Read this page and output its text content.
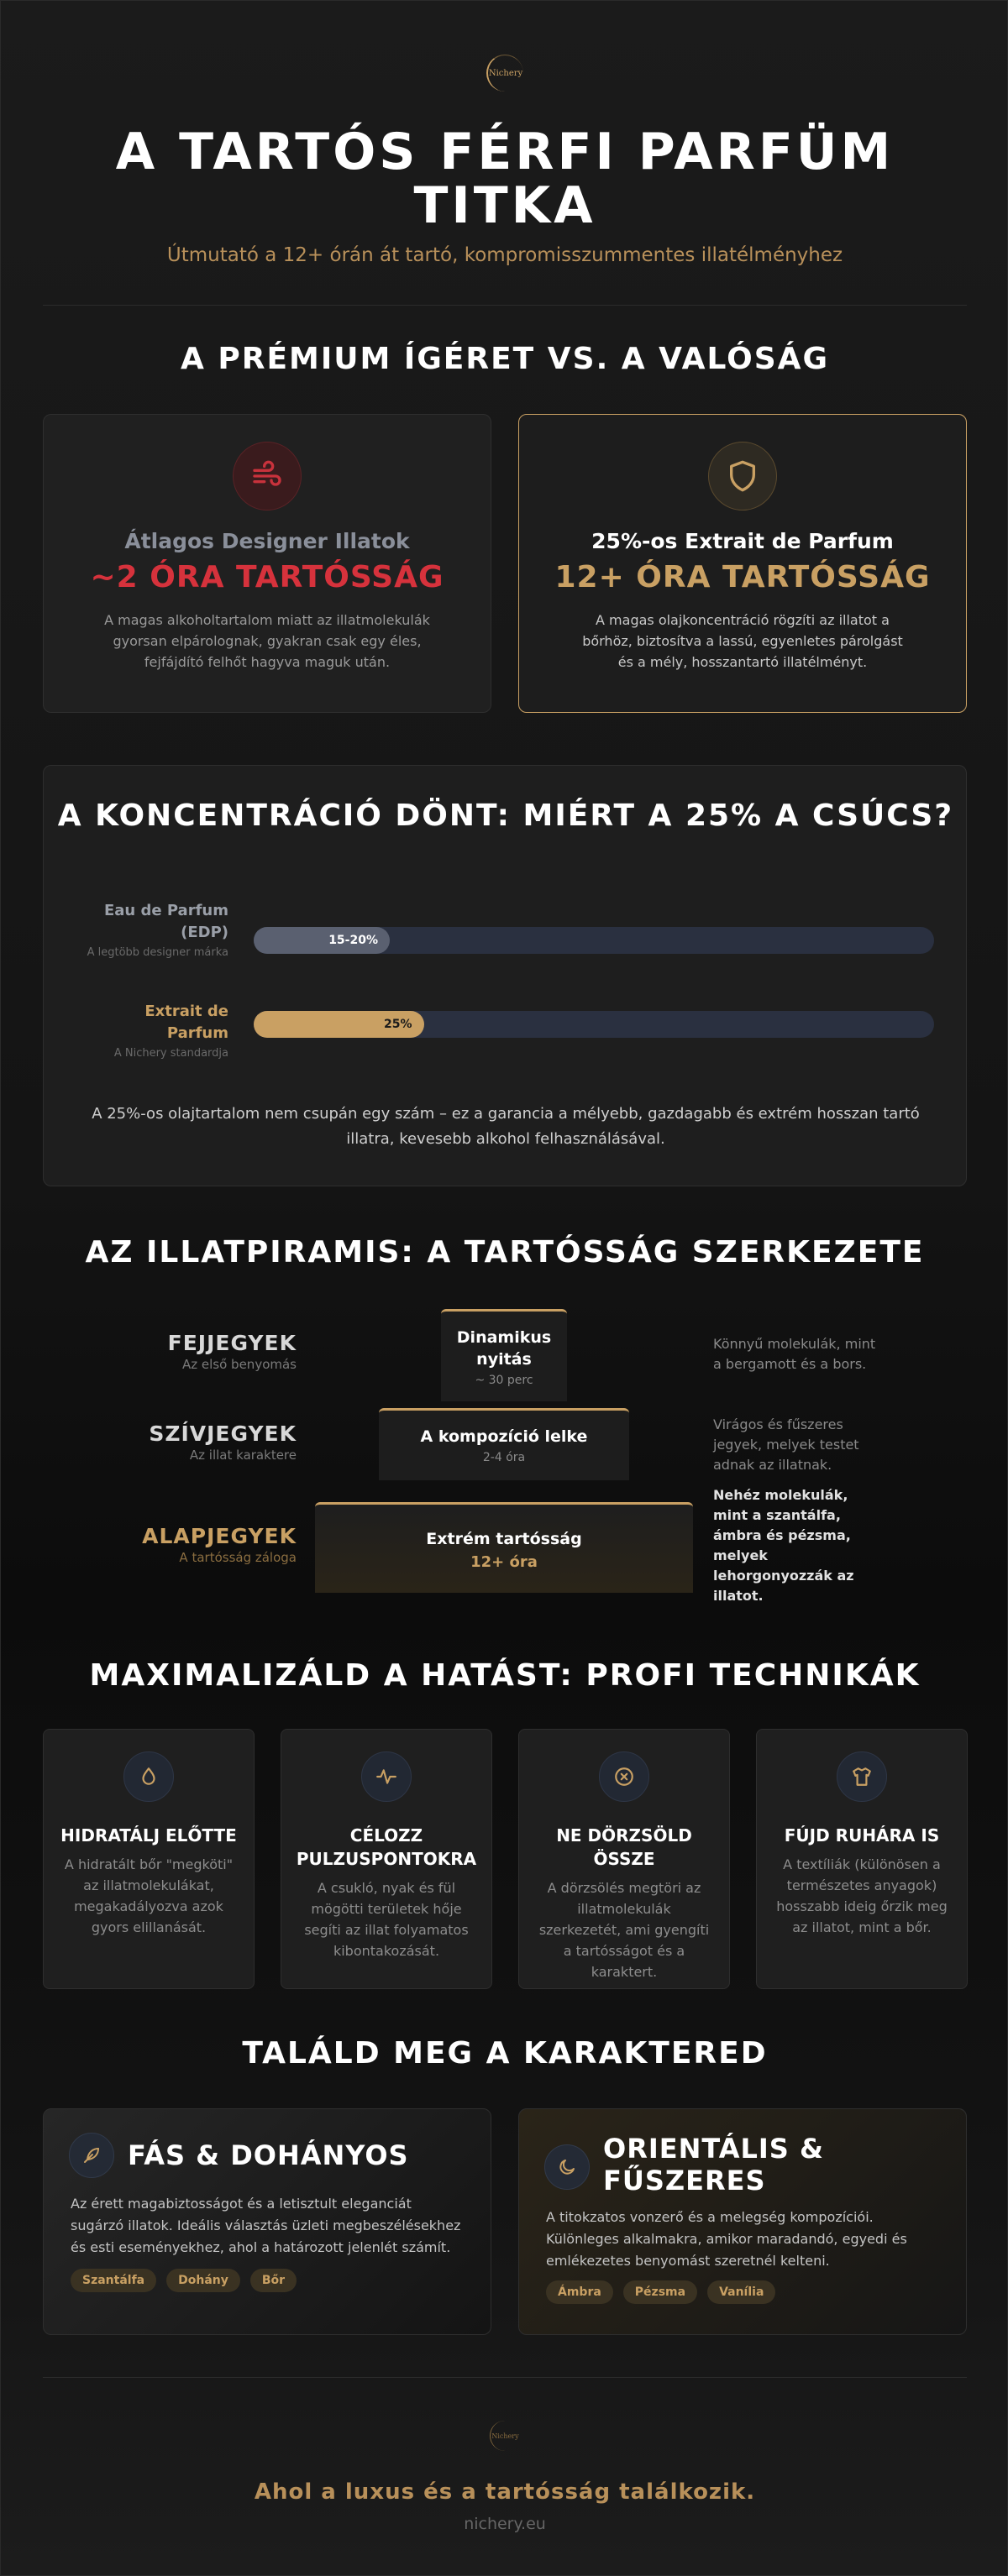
Nichery
A TARTÓS FÉRFI PARFÜM TITKA
Útmutató a 12+ órán át tartó, kompromisszummentes illatélményhez
A PRÉMIUM ÍGÉRET VS. A VALÓSÁG
Átlagos Designer Illatok
~2 ÓRA TARTÓSSÁG
A magas alkoholtartalom miatt az illatmolekulák gyorsan elpárolognak, gyakran csak egy éles, fejfájdító felhőt hagyva maguk után.
25%-os Extrait de Parfum
12+ ÓRA TARTÓSSÁG
A magas olajkoncentráció rögzíti az illatot a bőrhöz, biztosítva a lassú, egyenletes párolgást és a mély, hosszantartó illatélményt.
A KONCENTRÁCIÓ DÖNT: MIÉRT A 25% A CSÚCS?
Eau de Parfum (EDP)
A legtöbb designer márka
15-20%
Extrait de Parfum
A Nichery standardja
25%
A 25%-os olajtartalom nem csupán egy szám – ez a garancia a mélyebb, gazdagabb és extrém hosszan tartó illatra, kevesebb alkohol felhasználásával.
AZ ILLATPIRAMIS: A TARTÓSSÁG SZERKEZETE
FEJJEGYEK
Az első benyomás
Dinamikus nyitás
~ 30 perc
Könnyű molekulák, mint a bergamott és a bors.
SZÍVJEGYEK
Az illat karaktere
A kompozíció lelke
2-4 óra
Virágos és fűszeres jegyek, melyek testet adnak az illatnak.
ALAPJEGYEK
A tartósság záloga
Extrém tartósság
12+ óra
Nehéz molekulák, mint a szantálfa, ámbra és pézsma, melyek lehorgonyozzák az illatot.
MAXIMALIZÁLD A HATÁST: PROFI TECHNIKÁK
HIDRATÁLJ ELŐTTE
A hidratált bőr "megköti" az illatmolekulákat, megakadályozva azok gyors elillanását.
CÉLOZZ PULZUSPONTOKRA
A csukló, nyak és fül mögötti területek hője segíti az illat folyamatos kibontakozását.
NE DÖRZSÖLD ÖSSZE
A dörzsölés megtöri az illatmolekulák szerkezetét, ami gyengíti a tartósságot és a karaktert.
FÚJD RUHÁRA IS
A textíliák (különösen a természetes anyagok) hosszabb ideig őrzik meg az illatot, mint a bőr.
TALÁLD MEG A KARAKTERED
FÁS & DOHÁNYOS
Az érett magabiztosságot és a letisztult eleganciát sugárzó illatok. Ideális választás üzleti megbeszélésekhez és esti eseményekhez, ahol a határozott jelenlét számít.
Szantálfa	Dohány	Bőr
ORIENTÁLIS & FŰSZERES
A titokzatos vonzerő és a melegség kompozíciói. Különleges alkalmakra, amikor maradandó, egyedi és emlékezetes benyomást szeretnél kelteni.
Ámbra	Pézsma	Vanília
Nichery
Ahol a luxus és a tartósság találkozik.
nichery.eu
